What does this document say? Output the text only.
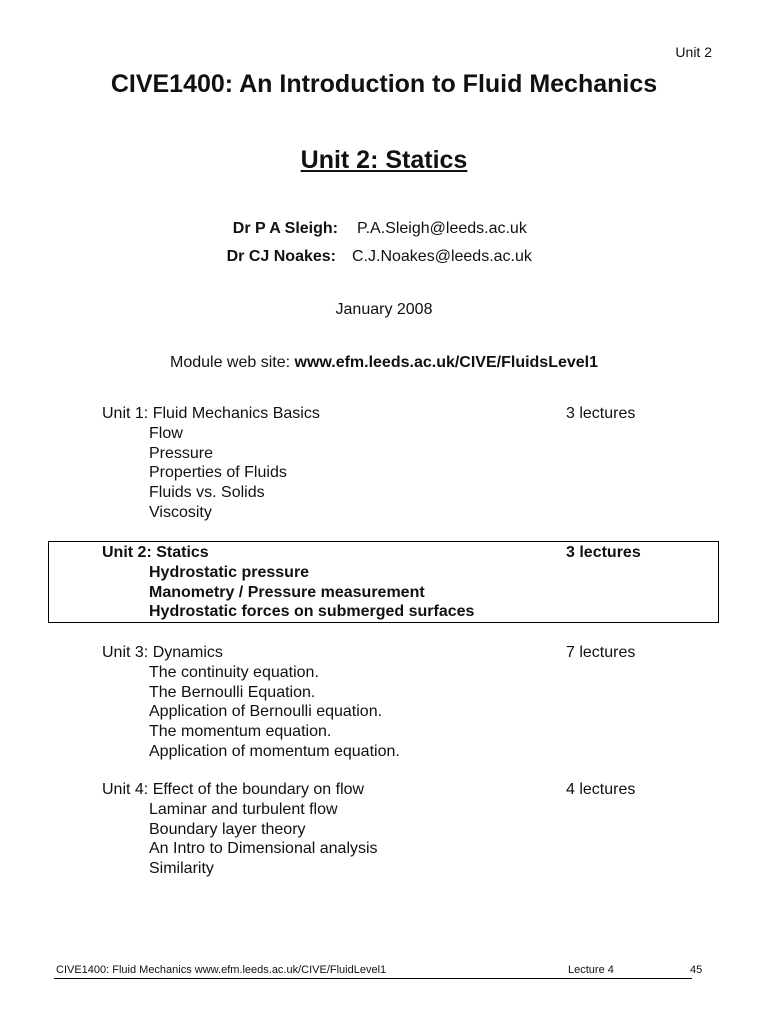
Unit 2
CIVE1400: An Introduction to Fluid Mechanics
Unit 2: Statics
Dr P A Sleigh: P.A.Sleigh@leeds.ac.uk
Dr CJ Noakes: C.J.Noakes@leeds.ac.uk
January 2008
Module web site: www.efm.leeds.ac.uk/CIVE/FluidsLevel1
Unit 1: Fluid Mechanics Basics	3 lectures
Flow
Pressure
Properties of Fluids
Fluids vs. Solids
Viscosity
Unit 2: Statics	3 lectures
Hydrostatic pressure
Manometry / Pressure measurement
Hydrostatic forces on submerged surfaces
Unit 3: Dynamics	7 lectures
The continuity equation.
The Bernoulli Equation.
Application of Bernoulli equation.
The momentum equation.
Application of momentum equation.
Unit 4: Effect of the boundary on flow	4 lectures
Laminar and turbulent flow
Boundary layer theory
An Intro to Dimensional analysis
Similarity
CIVE1400: Fluid Mechanics www.efm.leeds.ac.uk/CIVE/FluidLevel1	Lecture 4	45
